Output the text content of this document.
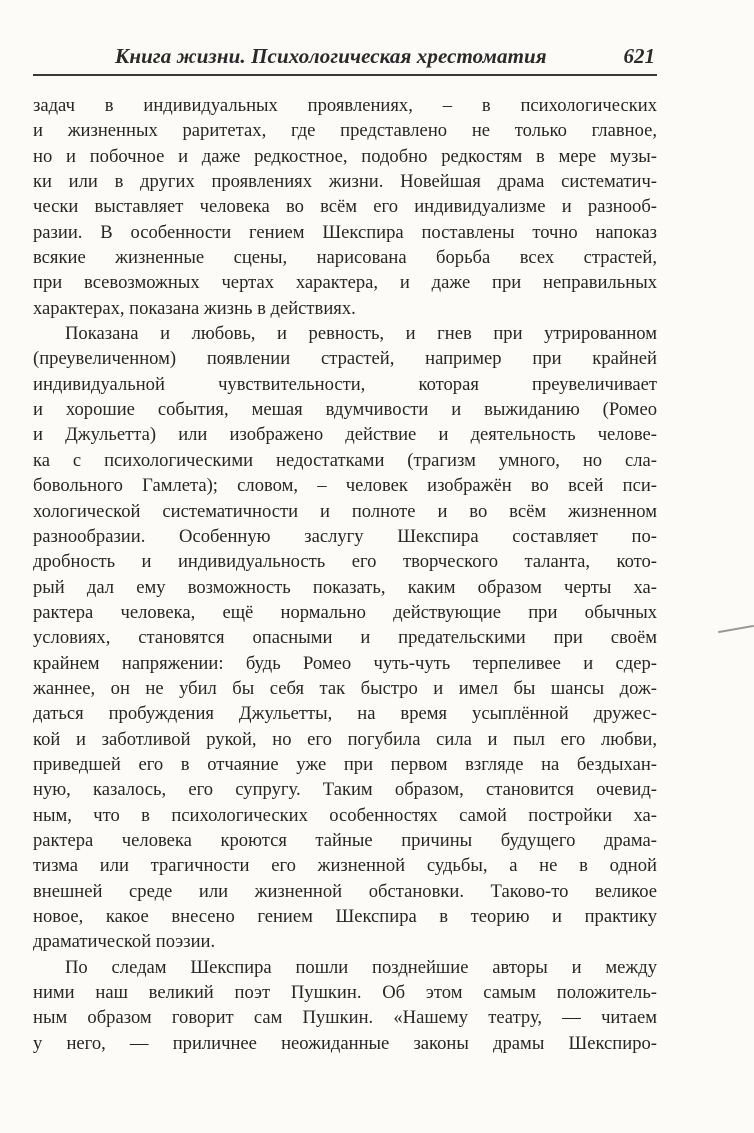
Книга жизни. Психологическая хрестоматия	621
задач в индивидуальных проявлениях, – в психологических
и жизненных раритетах, где представлено не только главное,
но и побочное и даже редкостное, подобно редкостям в мере музы-
ки или в других проявлениях жизни. Новейшая драма систематич-
чески выставляет человека во всём его индивидуализме и разнооб-
разии. В особенности гением Шекспира поставлены точно напоказ
всякие жизненные сцены, нарисована борьба всех страстей,
при всевозможных чертах характера, и даже при неправильных
характерах, показана жизнь в действиях.
Показана и любовь, и ревность, и гнев при утрированном
(преувеличенном) появлении страстей, например при крайней
индивидуальной чувствительности, которая преувеличивает
и хорошие события, мешая вдумчивости и выжиданию (Ромео
и Джульетта) или изображено действие и деятельность челове-
ка с психологическими недостатками (трагизм умного, но сла-
бовольного Гамлета); словом, – человек изображён во всей пси-
хологической систематичности и полноте и во всём жизненном
разнообразии. Особенную заслугу Шекспира составляет по-
дробность и индивидуальность его творческого таланта, кото-
рый дал ему возможность показать, каким образом черты ха-
рактера человека, ещё нормально действующие при обычных
условиях, становятся опасными и предательскими при своём
крайнем напряжении: будь Ромео чуть-чуть терпеливее и сдер-
жаннее, он не убил бы себя так быстро и имел бы шансы дож-
даться пробуждения Джульетты, на время усыплённой дружес-
кой и заботливой рукой, но его погубила сила и пыл его любви,
приведшей его в отчаяние уже при первом взгляде на бездыхан-
ную, казалось, его супругу. Таким образом, становится очевид-
ным, что в психологических особенностях самой постройки ха-
рактера человека кроются тайные причины будущего драма-
тизма или трагичности его жизненной судьбы, а не в одной
внешней среде или жизненной обстановки. Таково-то великое
новое, какое внесено гением Шекспира в теорию и практику
драматической поэзии.
По следам Шекспира пошли позднейшие авторы и между
ними наш великий поэт Пушкин. Об этом самым положитель-
ным образом говорит сам Пушкин. «Нашему театру, — читаем
у него, — приличнее неожиданные законы драмы Шекспиро-
